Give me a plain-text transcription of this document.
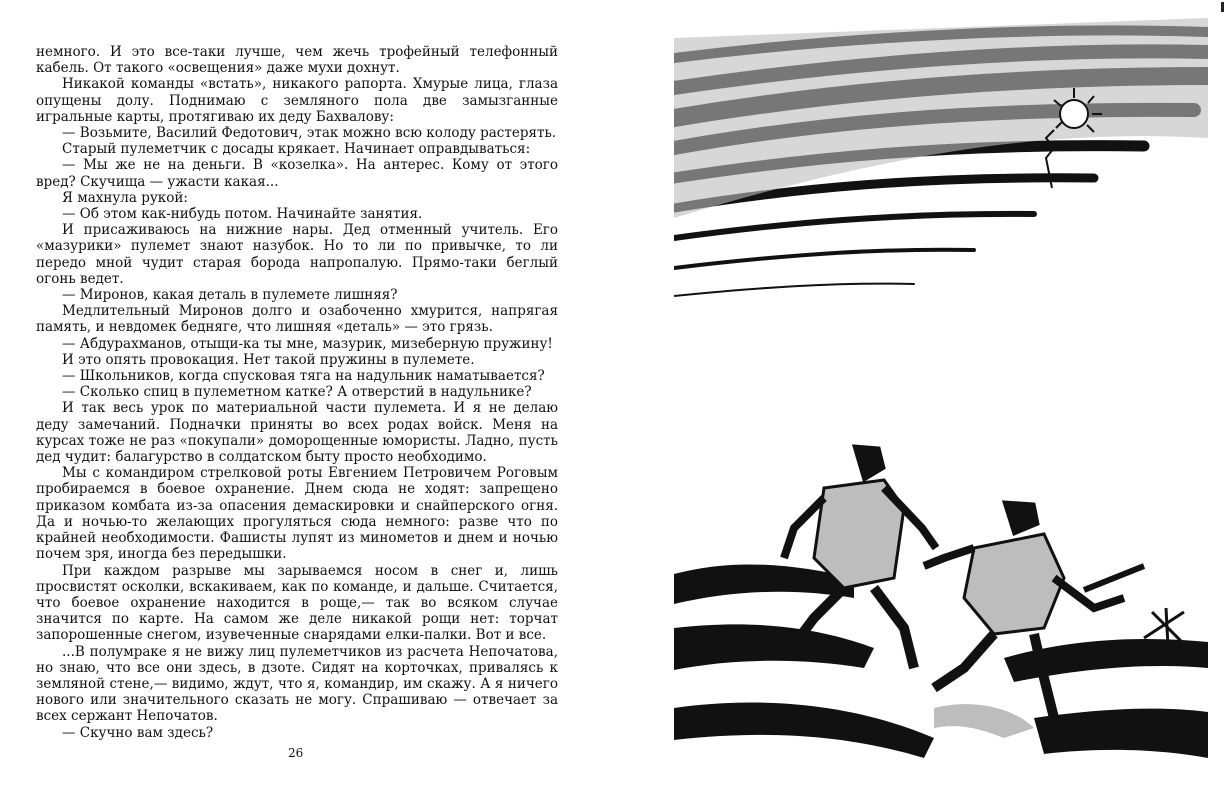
немного. И это все-таки лучше, чем жечь трофейный телефонный кабель. От такого «освещения» даже мухи дохнут.

Никакой команды «встать», никакого рапорта. Хмурые лица, глаза опущены долу. Поднимаю с земляного пола две замызганные игральные карты, протягиваю их деду Бахвалову:

— Возьмите, Василий Федотович, этак можно всю колоду растерять.

Старый пулеметчик с досады крякает. Начинает оправдываться:

— Мы же не на деньги. В «козелка». На антерес. Кому от этого вред? Скучища — ужасти какая...

Я махнула рукой:

— Об этом как-нибудь потом. Начинайте занятия.

И присаживаюсь на нижние нары. Дед отменный учитель. Его «мазурики» пулемет знают назубок. Но то ли по привычке, то ли передо мной чудит старая борода напропалую. Прямо-таки беглый огонь ведет.

— Миронов, какая деталь в пулемете лишняя?

Медлительный Миронов долго и озабоченно хмурится, напрягая память, и невдомек бедняге, что лишняя «деталь» — это грязь.

— Абдурахманов, отыщи-ка ты мне, мазурик, мизеберную пружину!

И это опять провокация. Нет такой пружины в пулемете.

— Школьников, когда спусковая тяга на надульник наматывается?

— Сколько спиц в пулеметном катке? А отверстий в надульнике?

И так весь урок по материальной части пулемета. И я не делаю деду замечаний. Подначки приняты во всех родах войск. Меня на курсах тоже не раз «покупали» доморощенные юмористы. Ладно, пусть дед чудит: балагурство в солдатском быту просто необходимо.

Мы с командиром стрелковой роты Евгением Петровичем Роговым пробираемся в боевое охранение. Днем сюда не ходят: запрещено приказом комбата из-за опасения демаскировки и снайперского огня. Да и ночью-то желающих прогуляться сюда немного: разве что по крайней необходимости. Фашисты лупят из минометов и днем и ночью почем зря, иногда без передышки.

При каждом разрыве мы зарываемся носом в снег и, лишь просвистят осколки, вскакиваем, как по команде, и дальше. Считается, что боевое охранение находится в роще,— так во всяком случае значится по карте. На самом же деле никакой рощи нет: торчат запорошенные снегом, изувеченные снарядами елки-палки. Вот и все.

...В полумраке я не вижу лиц пулеметчиков из расчета Непочатова, но знаю, что все они здесь, в дзоте. Сидят на корточках, привалясь к земляной стене,— видимо, ждут, что я, командир, им скажу. А я ничего нового или значительного сказать не могу. Спрашиваю — отвечает за всех сержант Непочатов.

— Скучно вам здесь?

26
